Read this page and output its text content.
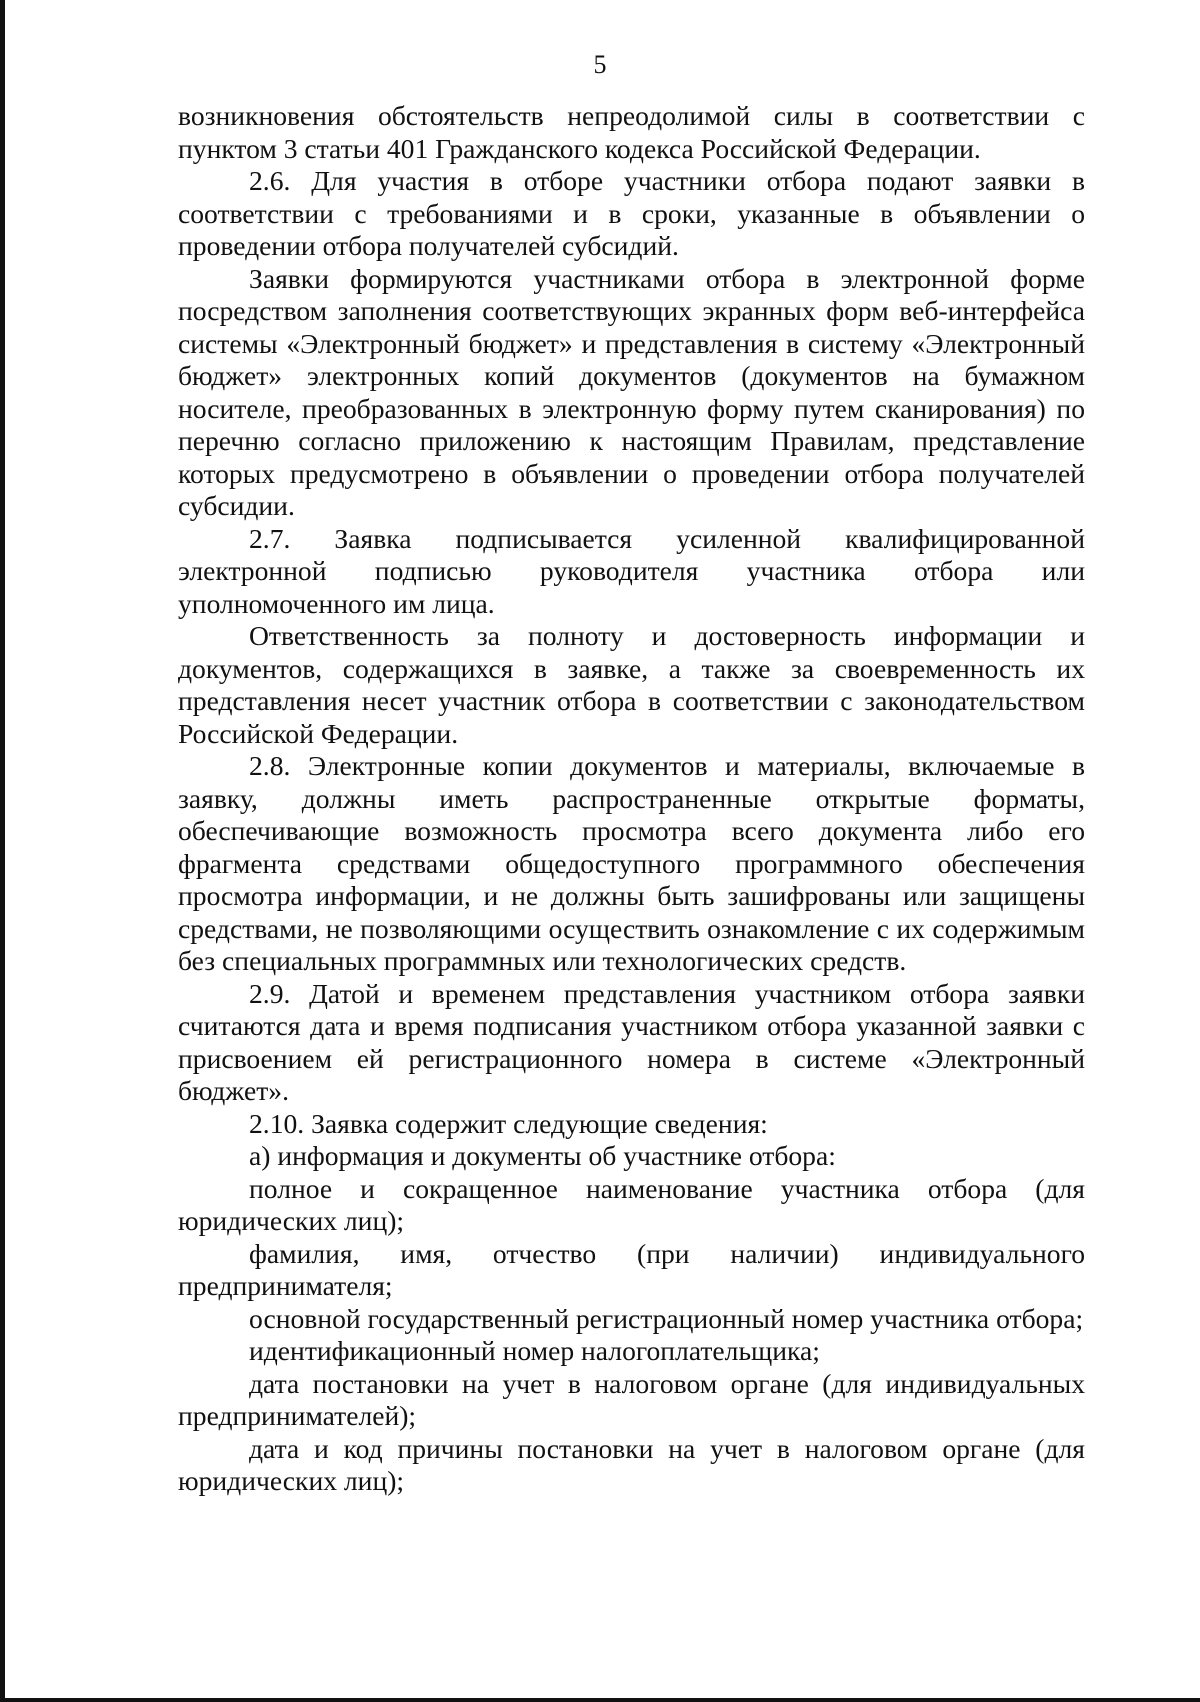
5

возникновения обстоятельств непреодолимой силы в соответствии с пунктом 3 статьи 401 Гражданского кодекса Российской Федерации.

2.6. Для участия в отборе участники отбора подают заявки в соответствии с требованиями и в сроки, указанные в объявлении о проведении отбора получателей субсидий.

Заявки формируются участниками отбора в электронной форме посредством заполнения соответствующих экранных форм веб-интерфейса системы «Электронный бюджет» и представления в систему «Электронный бюджет» электронных копий документов (документов на бумажном носителе, преобразованных в электронную форму путем сканирования) по перечню согласно приложению к настоящим Правилам, представление которых предусмотрено в объявлении о проведении отбора получателей субсидии.

2.7. Заявка подписывается усиленной квалифицированной электронной подписью руководителя участника отбора или уполномоченного им лица.

Ответственность за полноту и достоверность информации и документов, содержащихся в заявке, а также за своевременность их представления несет участник отбора в соответствии с законодательством Российской Федерации.

2.8. Электронные копии документов и материалы, включаемые в заявку, должны иметь распространенные открытые форматы, обеспечивающие возможность просмотра всего документа либо его фрагмента средствами общедоступного программного обеспечения просмотра информации, и не должны быть зашифрованы или защищены средствами, не позволяющими осуществить ознакомление с их содержимым без специальных программных или технологических средств.

2.9. Датой и временем представления участником отбора заявки считаются дата и время подписания участником отбора указанной заявки с присвоением ей регистрационного номера в системе «Электронный бюджет».

2.10. Заявка содержит следующие сведения:

а) информация и документы об участнике отбора:

полное и сокращенное наименование участника отбора (для юридических лиц);

фамилия, имя, отчество (при наличии) индивидуального предпринимателя;

основной государственный регистрационный номер участника отбора;

идентификационный номер налогоплательщика;

дата постановки на учет в налоговом органе (для индивидуальных предпринимателей);

дата и код причины постановки на учет в налоговом органе (для юридических лиц);
